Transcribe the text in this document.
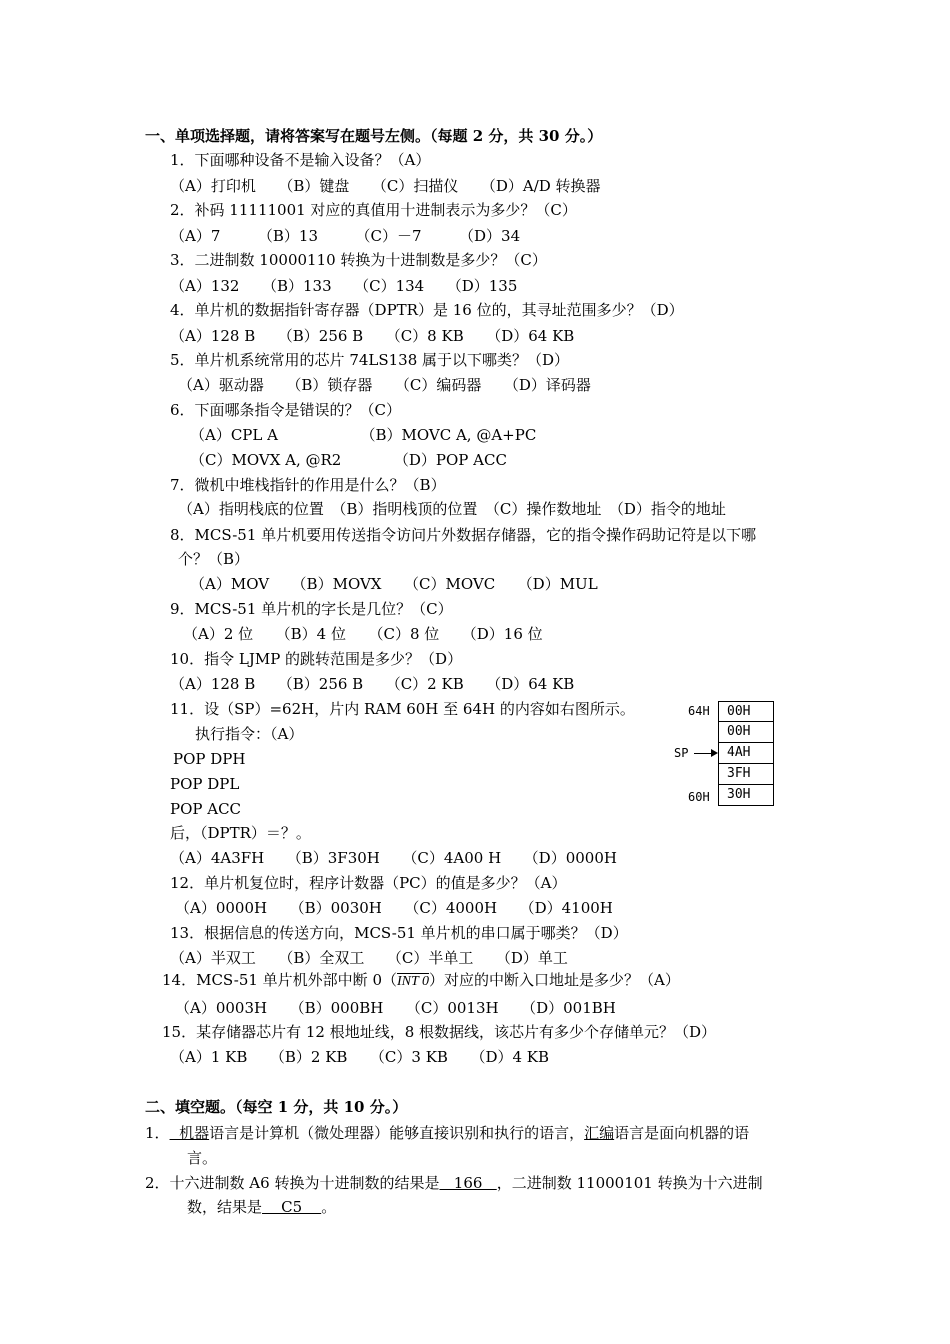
一、单项选择题，请将答案写在题号左侧。（每题 2 分，共 30 分。）
1．下面哪种设备不是输入设备？（A）
（A）打印机　　（B）键盘　　（C）扫描仪　　（D）A/D 转换器
2．补码 11111001 对应的真值用十进制表示为多少？（C）
（A）7　　　（B）13　　　（C）－7　　　（D）34
3．二进制数 10000110 转换为十进制数是多少？（C）
（A）132　　（B）133　　（C）134　　（D）135
4．单片机的数据指针寄存器（DPTR）是 16 位的，其寻址范围多少？（D）
（A）128 B　　（B）256 B　　（C）8 KB　　（D）64 KB
5．单片机系统常用的芯片 74LS138 属于以下哪类？（D）
（A）驱动器　　（B）锁存器　　（C）编码器　　（D）译码器
6．下面哪条指令是错误的？（C）
（A）CPL A　　　　　　（B）MOVC A, @A+PC
（C）MOVX A, @R2　　　　（D）POP ACC
7．微机中堆栈指针的作用是什么？（B）
（A）指明栈底的位置　（B）指明栈顶的位置　（C）操作数地址　（D）指令的地址
8．MCS-51 单片机要用传送指令访问片外数据存储器，它的指令操作码助记符是以下哪
个？（B）
（A）MOV　　（B）MOVX　　（C）MOVC　　（D）MUL
9．MCS-51 单片机的字长是几位？（C）
（A）2 位　　（B）4 位　　（C）8 位　　（D）16 位
10．指令 LJMP 的跳转范围是多少？（D）
（A）128 B　　（B）256 B　　（C）2 KB　　（D）64 KB
11．设（SP）=62H，片内 RAM 60H 至 64H 的内容如右图所示。
执行指令：（A）
POP DPH
POP DPL
POP ACC
后，（DPTR）＝？。
（A）4A3FH　　（B）3F30H　　（C）4A00 H　　（D）0000H
12．单片机复位时，程序计数器（PC）的值是多少？（A）
（A）0000H　　（B）0030H　　（C）4000H　　（D）4100H
13．根据信息的传送方向，MCS-51 单片机的串口属于哪类？（D）
（A）半双工　　（B）全双工　　（C）半单工　　（D）单工
14．MCS-51 单片机外部中断 0（INT 0）对应的中断入口地址是多少？（A）
（A）0003H　　（B）000BH　　（C）0013H　　（D）001BH
15．某存储器芯片有 12 根地址线，8 根数据线，该芯片有多少个存储单元？（D）
（A）1 KB　　（B）2 KB　　（C）3 KB　　（D）4 KB
64H
SP
60H
00H
00H
4AH
3FH
30H
二、填空题。（每空 1 分，共 10 分。）
1．  机器语言是计算机（微处理器）能够直接识别和执行的语言，汇编语言是面向机器的语
言。
2．十六进制数 A6 转换为十进制数的结果是   166   ，二进制数 11000101 转换为十六进制
数，结果是    C5    。
